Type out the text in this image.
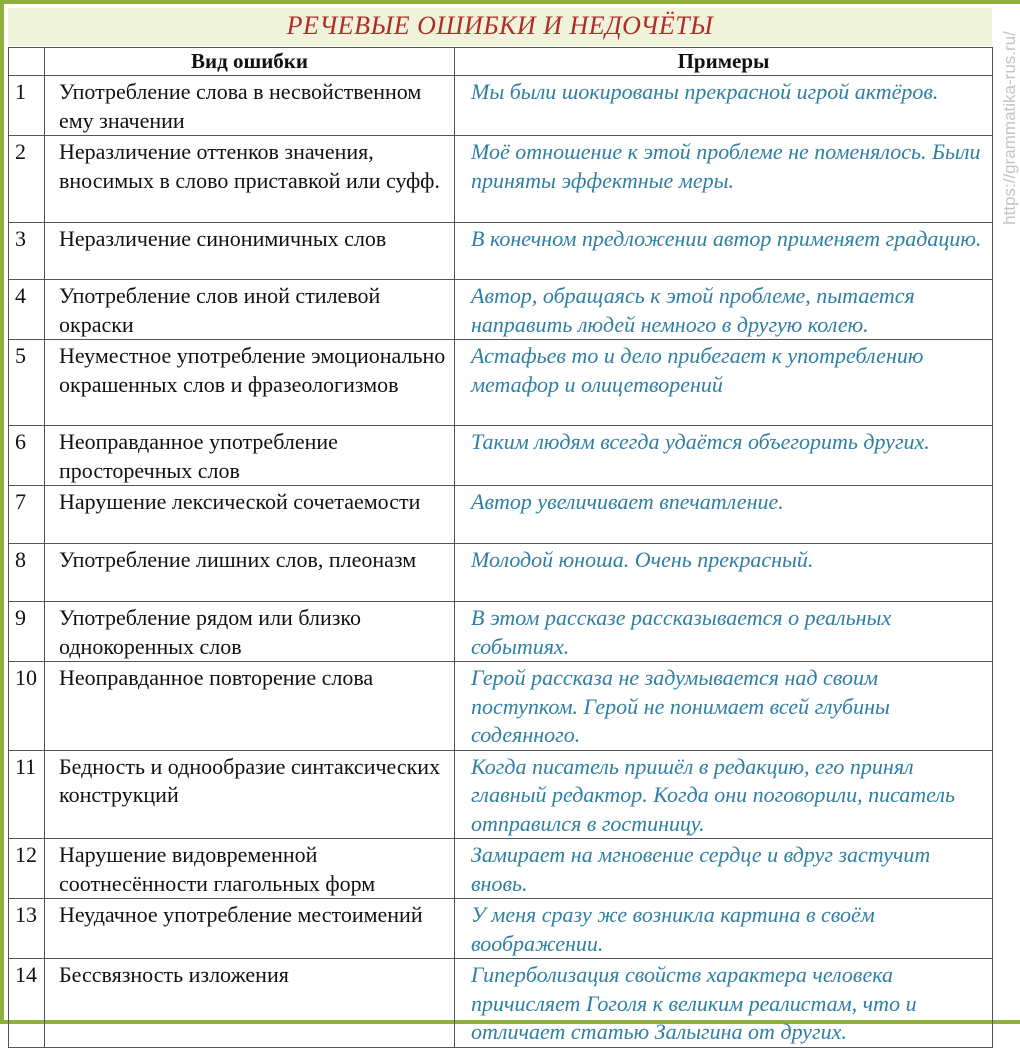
РЕЧЕВЫЕ ОШИБКИ И НЕДОЧЁТЫ
https://grammatika-rus.ru/
	Вид ошибки	Примеры
1	Употребление слова в несвойственном ему значении	Мы были шокированы прекрасной игрой актёров.
2	Неразличение оттенков значения, вносимых в слово приставкой или суфф.	Моё отношение к этой проблеме не поменялось. Были приняты эффектные меры.
3	Неразличение синонимичных слов	В конечном предложении автор применяет градацию.
4	Употребление слов иной стилевой окраски	Автор, обращаясь к этой проблеме, пытается направить людей немного в другую колею.
5	Неуместное употребление эмоционально окрашенных слов и фразеологизмов	Астафьев то и дело прибегает к употреблению метафор и олицетворений
6	Неоправданное употребление просторечных слов	Таким людям всегда удаётся объегорить других.
7	Нарушение лексической сочетаемости	Автор увеличивает впечатление.
8	Употребление лишних слов, плеоназм	Молодой юноша. Очень прекрасный.
9	Употребление рядом или близко однокоренных слов	В этом рассказе рассказывается о реальных событиях.
10	Неоправданное повторение слова	Герой рассказа не задумывается над своим поступком. Герой не понимает всей глубины содеянного.
11	Бедность и однообразие синтаксических конструкций	Когда писатель пришёл в редакцию, его принял главный редактор. Когда они поговорили, писатель отправился в гостиницу.
12	Нарушение видовременной соотнесённости глагольных форм	Замирает на мгновение сердце и вдруг застучит вновь.
13	Неудачное употребление местоимений	У меня сразу же возникла картина в своём воображении.
14	Бессвязность изложения	Гиперболизация свойств характера человека причисляет Гоголя к великим реалистам, что и отличает статью Залыгина от других.
